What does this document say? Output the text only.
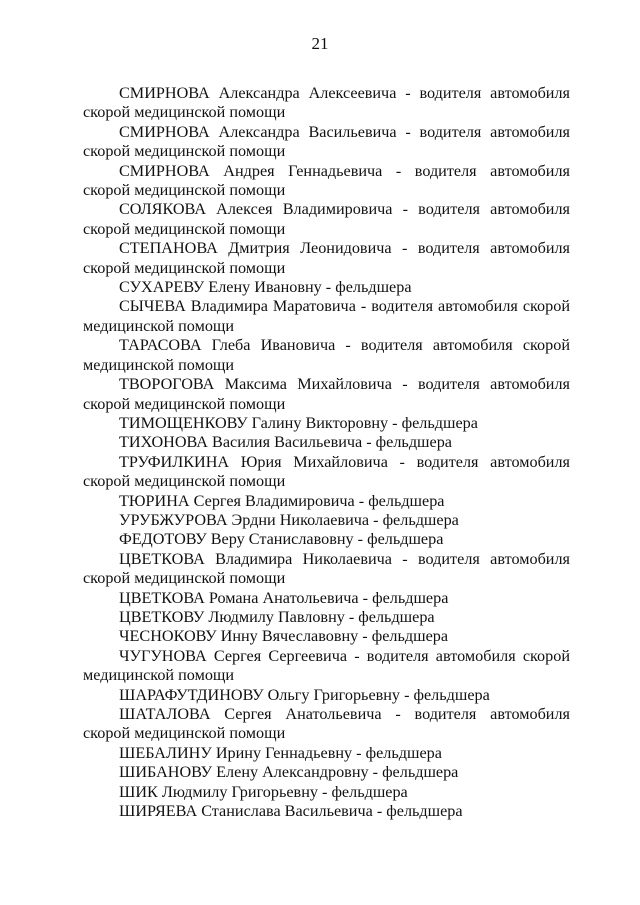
21

СМИРНОВА Александра Алексеевича - водителя автомобиля скорой медицинской помощи

СМИРНОВА Александра Васильевича - водителя автомобиля скорой медицинской помощи

СМИРНОВА Андрея Геннадьевича - водителя автомобиля скорой медицинской помощи

СОЛЯКОВА Алексея Владимировича - водителя автомобиля скорой медицинской помощи

СТЕПАНОВА Дмитрия Леонидовича - водителя автомобиля скорой медицинской помощи

СУХАРЕВУ Елену Ивановну - фельдшера

СЫЧЕВА Владимира Маратовича - водителя автомобиля скорой медицинской помощи

ТАРАСОВА Глеба Ивановича - водителя автомобиля скорой медицинской помощи

ТВОРОГОВА Максима Михайловича - водителя автомобиля скорой медицинской помощи

ТИМОЩЕНКОВУ Галину Викторовну - фельдшера

ТИХОНОВА Василия Васильевича - фельдшера

ТРУФИЛКИНА Юрия Михайловича - водителя автомобиля скорой медицинской помощи

ТЮРИНА Сергея Владимировича - фельдшера

УРУБЖУРОВА Эрдни Николаевича - фельдшера

ФЕДОТОВУ Веру Станиславовну - фельдшера

ЦВЕТКОВА Владимира Николаевича - водителя автомобиля скорой медицинской помощи

ЦВЕТКОВА Романа Анатольевича - фельдшера

ЦВЕТКОВУ Людмилу Павловну - фельдшера

ЧЕСНОКОВУ Инну Вячеславовну - фельдшера

ЧУГУНОВА Сергея Сергеевича - водителя автомобиля скорой медицинской помощи

ШАРАФУТДИНОВУ Ольгу Григорьевну - фельдшера

ШАТАЛОВА Сергея Анатольевича - водителя автомобиля скорой медицинской помощи

ШЕБАЛИНУ Ирину Геннадьевну - фельдшера

ШИБАНОВУ Елену Александровну - фельдшера

ШИК Людмилу Григорьевну - фельдшера

ШИРЯЕВА Станислава Васильевича - фельдшера
